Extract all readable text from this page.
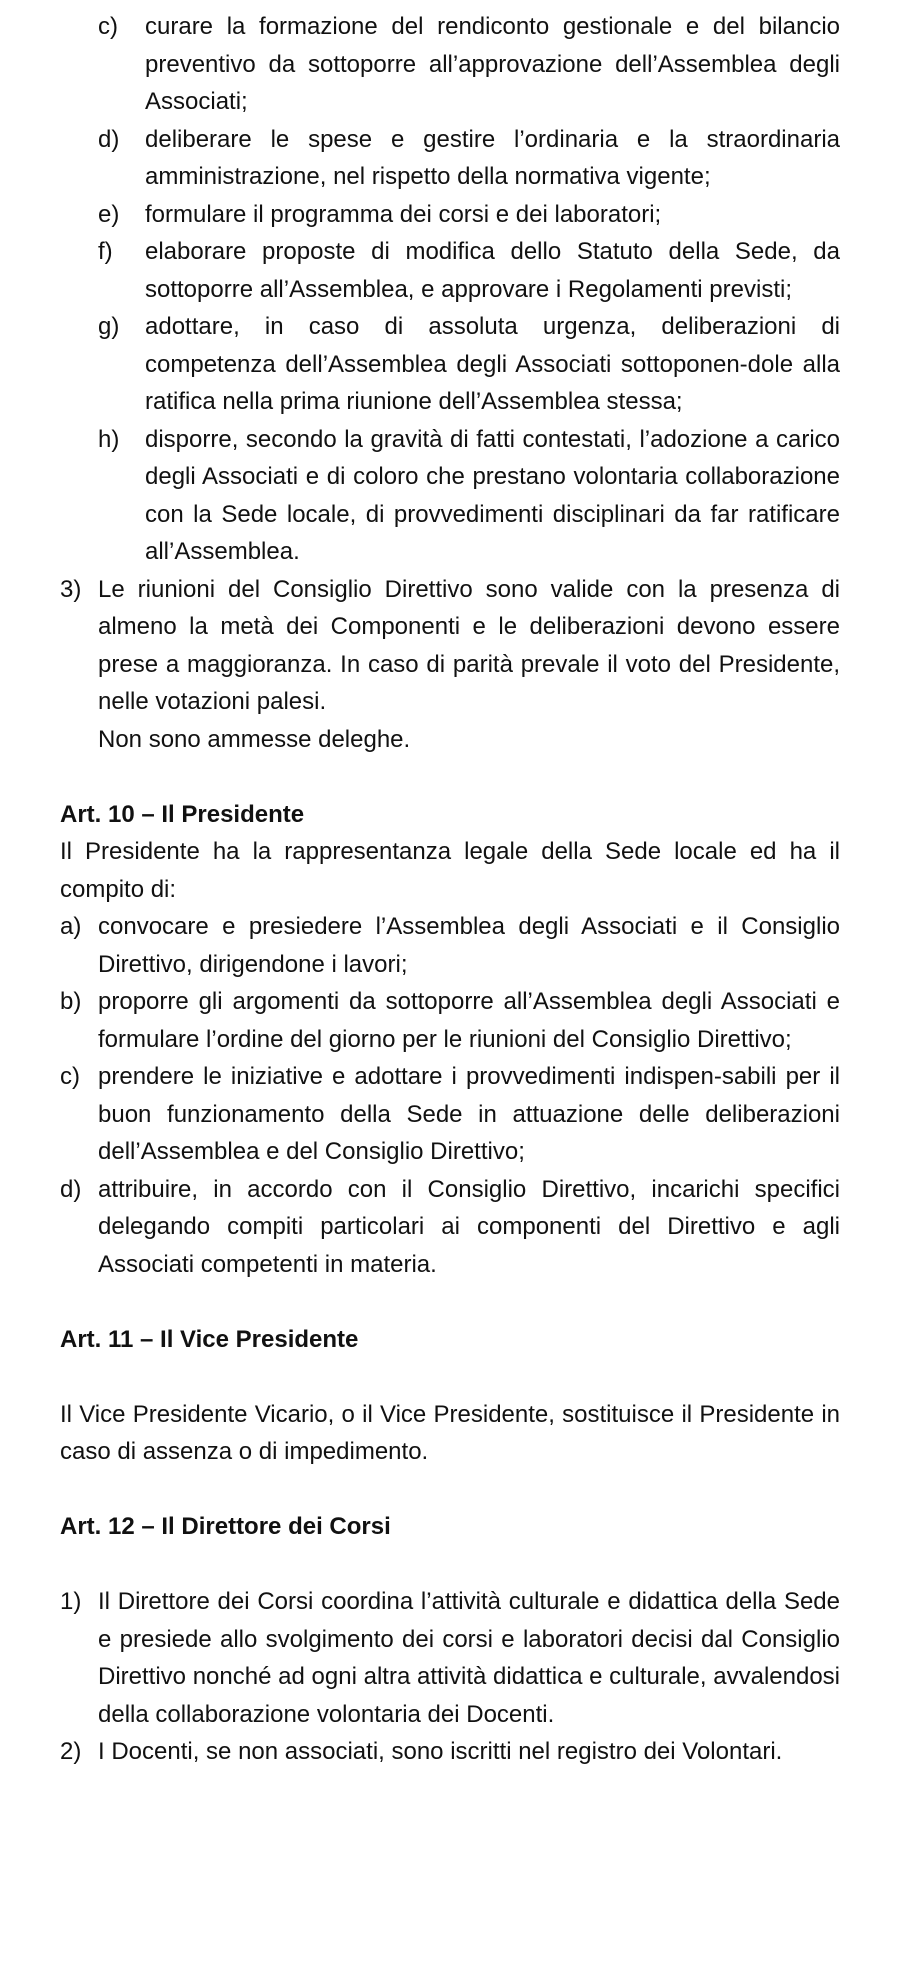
c)	curare la formazione del rendiconto gestionale e del bilancio preventivo da sottoporre all’approvazione dell’Assemblea degli Associati;
d)	deliberare le spese e gestire l’ordinaria e la straordinaria amministrazione, nel rispetto della normativa vigente;
e)	formulare il programma dei corsi e dei laboratori;
f)	elaborare proposte di modifica dello Statuto della Sede, da sottoporre all’Assemblea, e approvare i Regolamenti previsti;
g)	adottare, in caso di assoluta urgenza, deliberazioni di competenza dell’Assemblea degli Associati sottoponen-dole alla ratifica nella prima riunione dell’Assemblea stessa;
h)	disporre, secondo la gravità di fatti contestati, l’adozione a carico degli Associati e di coloro che prestano volontaria collaborazione con la Sede locale, di provvedimenti disciplinari da far ratificare all’Assemblea.
3) Le riunioni del Consiglio Direttivo sono valide con la presenza di almeno la metà dei Componenti e le deliberazioni devono essere prese a maggioranza. In caso di parità prevale il voto del Presidente, nelle votazioni palesi.
Non sono ammesse deleghe.
Art. 10 – Il Presidente
Il Presidente ha la rappresentanza legale della Sede locale ed ha il compito di:
a) convocare e presiedere l’Assemblea degli Associati e il Consiglio Direttivo, dirigendone i lavori;
b) proporre gli argomenti da sottoporre all’Assemblea degli Associati e formulare l’ordine del giorno per le riunioni del Consiglio Direttivo;
c) prendere le iniziative e adottare i provvedimenti indispen-sabili per il buon funzionamento della Sede in attuazione delle deliberazioni dell’Assemblea e del Consiglio Direttivo;
d) attribuire, in accordo con il Consiglio Direttivo, incarichi specifici delegando compiti particolari ai componenti del Direttivo e agli Associati competenti in materia.
Art. 11 – Il Vice Presidente
Il Vice Presidente Vicario, o il Vice Presidente, sostituisce il Presidente in caso di assenza o di impedimento.
Art. 12 – Il Direttore dei Corsi
1) Il Direttore dei Corsi coordina l’attività culturale e didattica della Sede e presiede allo svolgimento dei corsi e laboratori decisi dal Consiglio Direttivo nonché ad ogni altra attività didattica e culturale, avvalendosi della collaborazione volontaria dei Docenti.
2) I Docenti, se non associati, sono iscritti nel registro dei Volontari.
